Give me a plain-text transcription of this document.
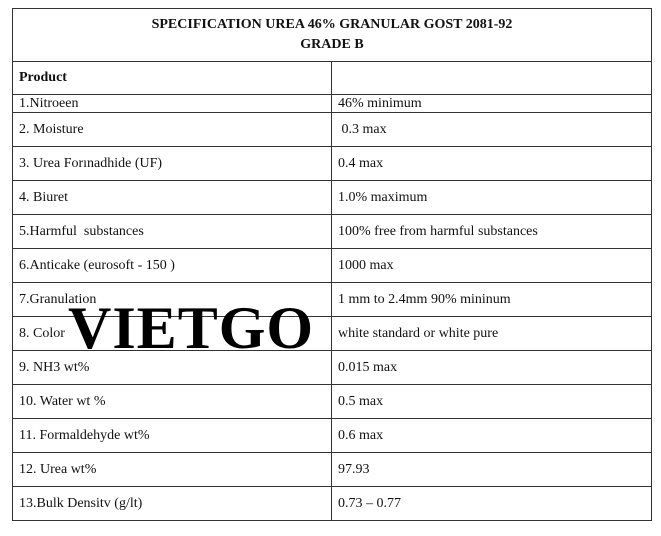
SPECIFICATION UREA 46% GRANULAR GOST 2081-92
GRADE B	

Product	
1.Nitroeen	46% minimum
2. Moisture	0.3 max
3. Urea Forınadhide (UF)	0.4 max
4. Biuret	1.0% maximum
5.Harmful  substances	100% free from harmful substances
6.Anticake (eurosoft - 150 )	1000 max
7.Granulation	1 mm to 2.4mm 90% mininum
8. Color	white standard or white pure
9. NH3 wt%	0.015 max
10. Water wt %	0.5 max
11. Formaldehyde wt%	0.6 max
12. Urea wt%	97.93
13.Bulk Densitv (g/lt)	0.73 – 0.77
VIETGO
